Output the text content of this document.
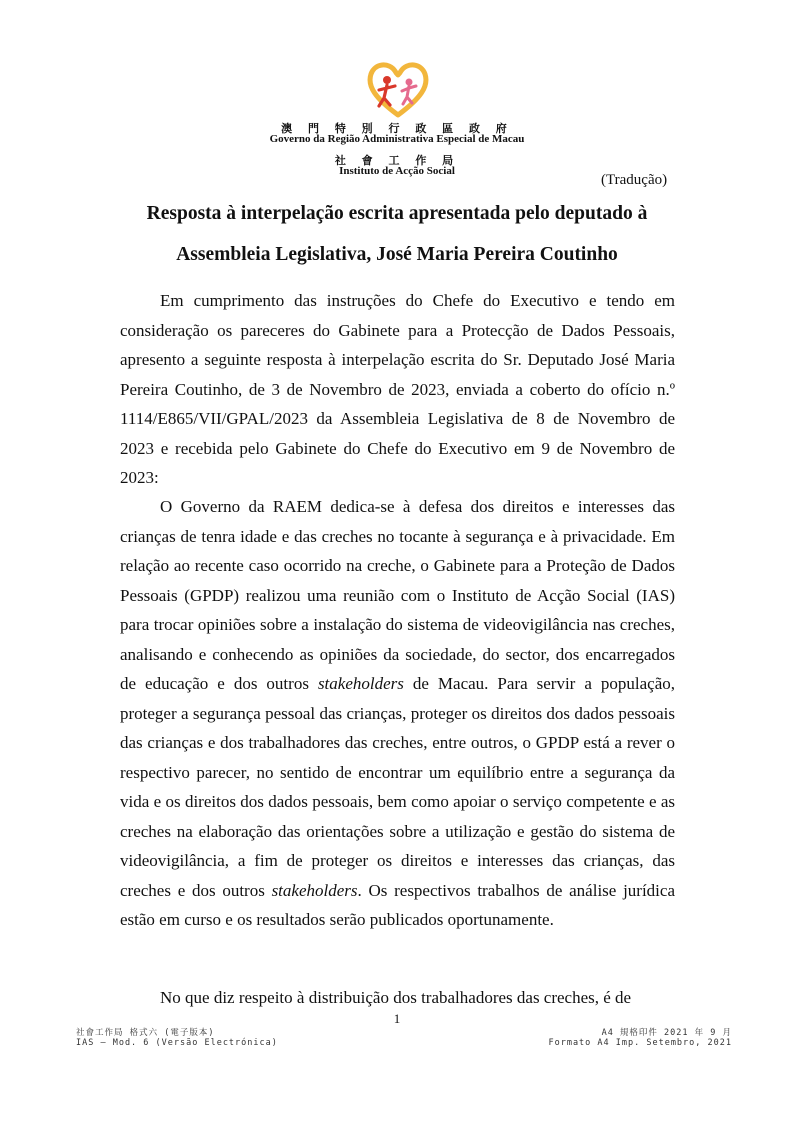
澳 門 特 別 行 政 區 政 府
Governo da Região Administrativa Especial de Macau
社 會 工 作 局
Instituto de Acção Social
(Tradução)
Resposta à interpelação escrita apresentada pelo deputado à
Assembleia Legislativa, José Maria Pereira Coutinho

Em cumprimento das instruções do Chefe do Executivo e tendo em consideração os pareceres do Gabinete para a Protecção de Dados Pessoais, apresento a seguinte resposta à interpelação escrita do Sr. Deputado José Maria Pereira Coutinho, de 3 de Novembro de 2023, enviada a coberto do ofício n.º 1114/E865/VII/GPAL/2023 da Assembleia Legislativa de 8 de Novembro de 2023 e recebida pelo Gabinete do Chefe do Executivo em 9 de Novembro de 2023:

O Governo da RAEM dedica-se à defesa dos direitos e interesses das crianças de tenra idade e das creches no tocante à segurança e à privacidade. Em relação ao recente caso ocorrido na creche, o Gabinete para a Proteção de Dados Pessoais (GPDP) realizou uma reunião com o Instituto de Acção Social (IAS) para trocar opiniões sobre a instalação do sistema de videovigilância nas creches, analisando e conhecendo as opiniões da sociedade, do sector, dos encarregados de educação e dos outros stakeholders de Macau. Para servir a população, proteger a segurança pessoal das crianças, proteger os direitos dos dados pessoais das crianças e dos trabalhadores das creches, entre outros, o GPDP está a rever o respectivo parecer, no sentido de encontrar um equilíbrio entre a segurança da vida e os direitos dos dados pessoais, bem como apoiar o serviço competente e as creches na elaboração das orientações sobre a utilização e gestão do sistema de videovigilância, a fim de proteger os direitos e interesses das crianças, das creches e dos outros stakeholders. Os respectivos trabalhos de análise jurídica estão em curso e os resultados serão publicados oportunamente.

No que diz respeito à distribuição dos trabalhadores das creches, é de

1
社會工作局 格式六 (電子版本)
IAS – Mod. 6 (Versão Electrónica)
A4 規格印件 2021 年 9 月
Formato A4 Imp. Setembro, 2021
